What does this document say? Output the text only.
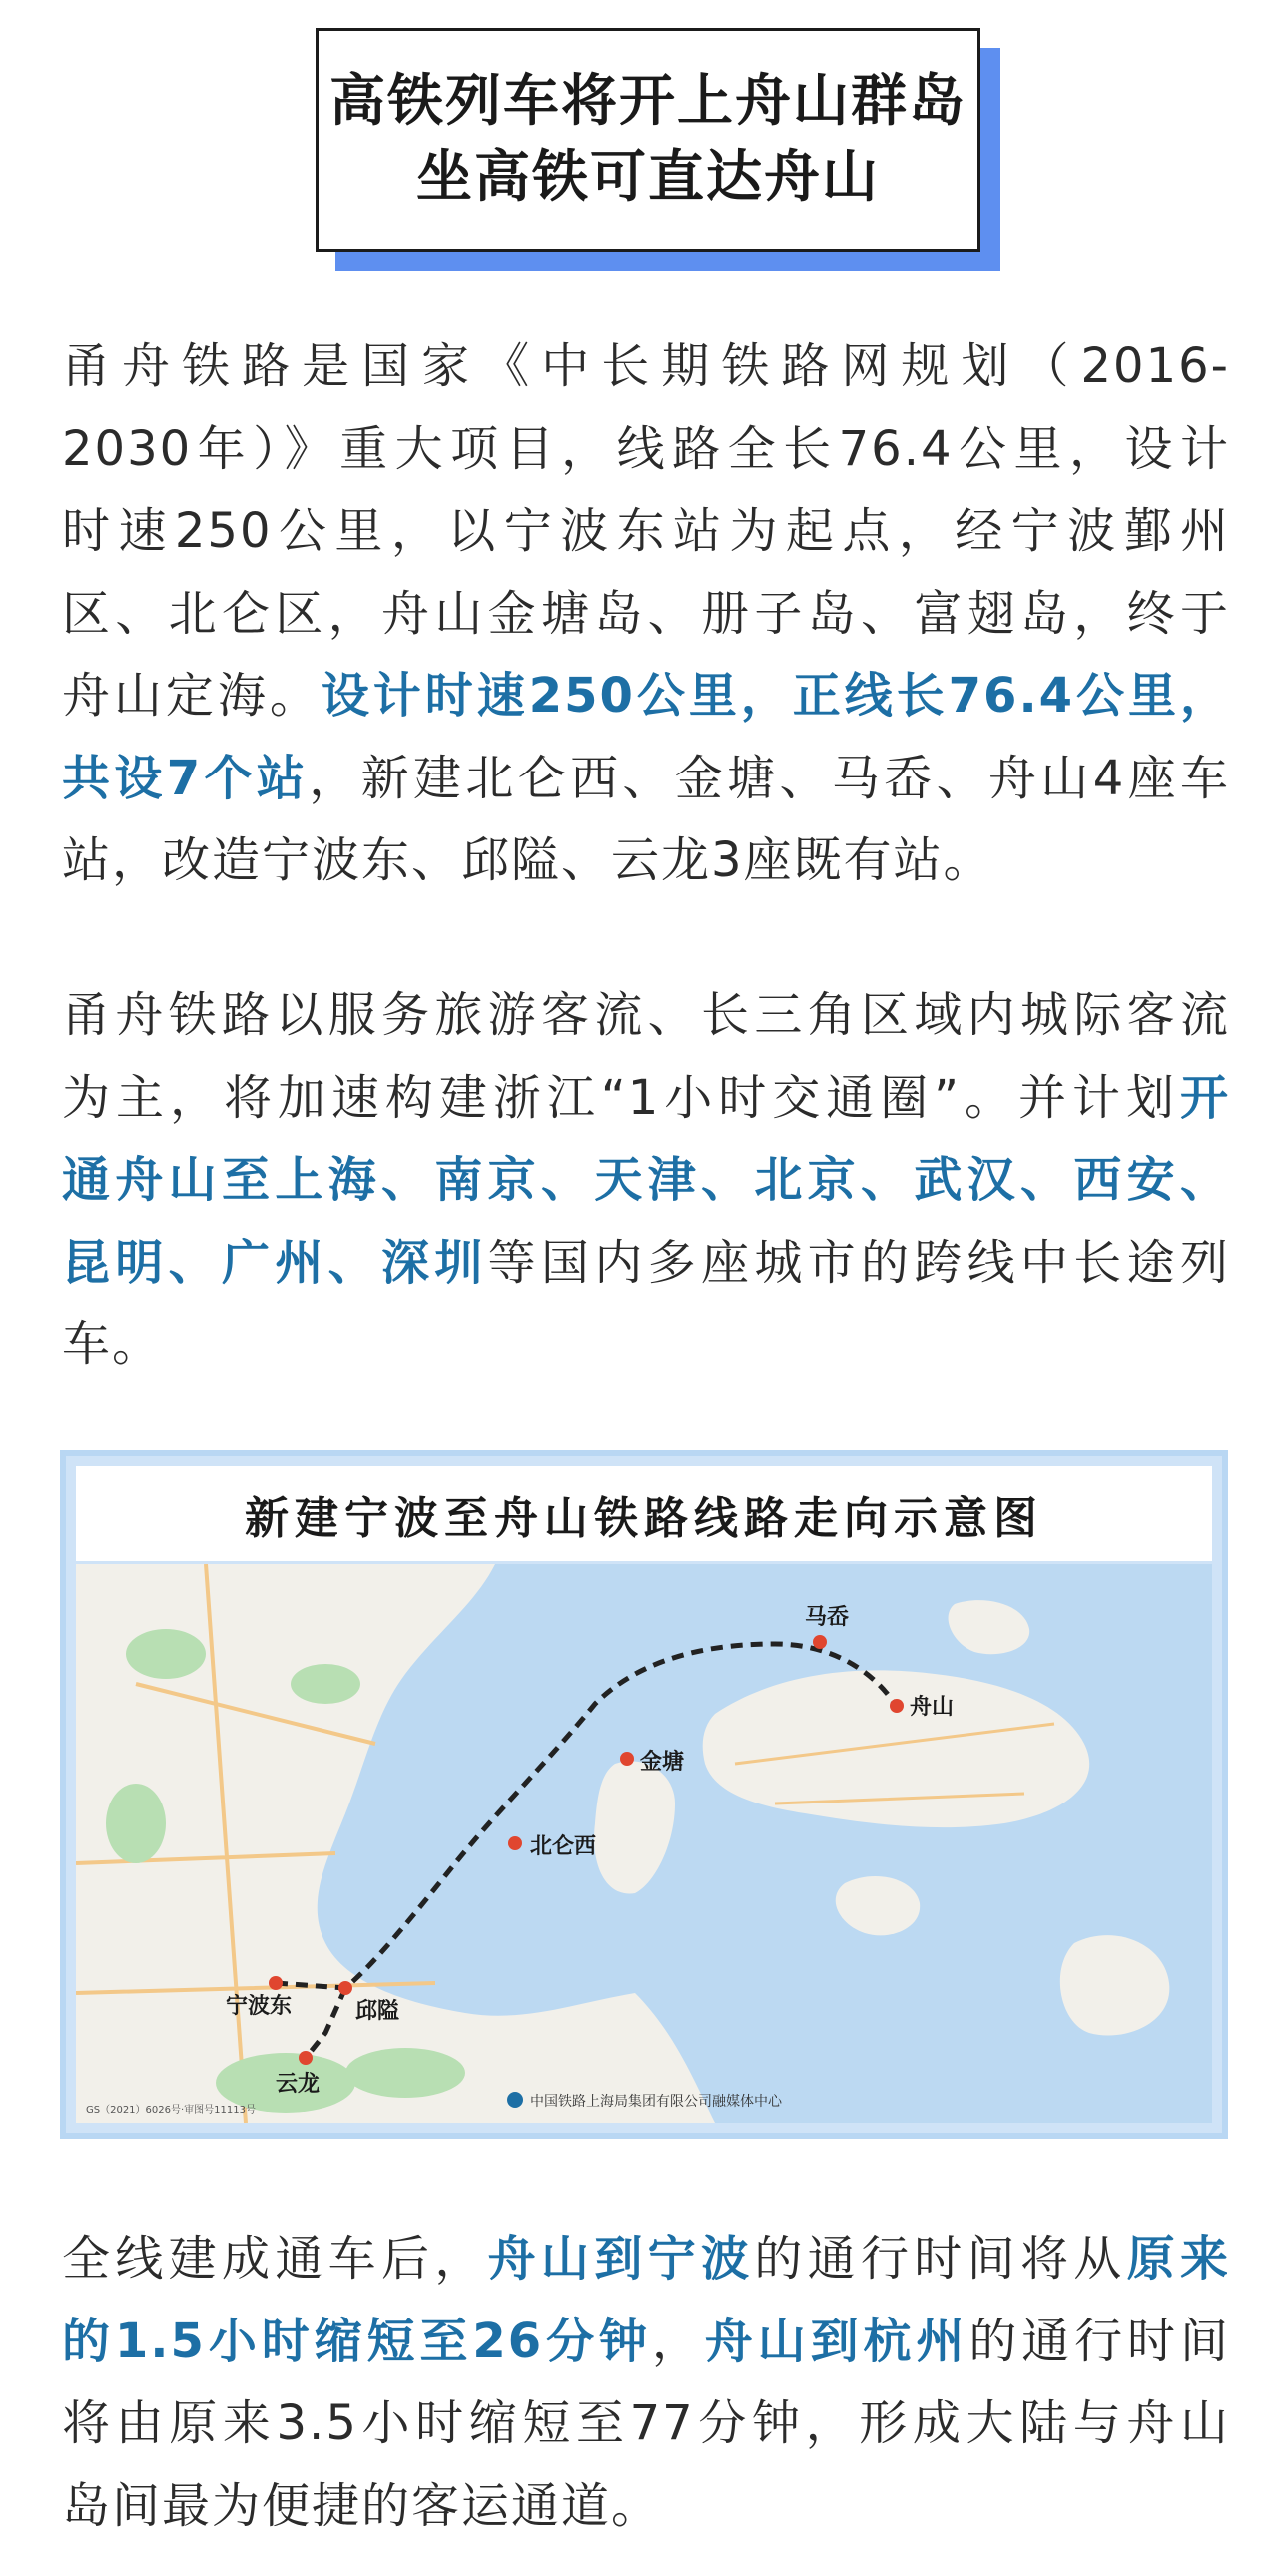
高铁列车将开上舟山群岛
坐高铁可直达舟山
甬舟铁路是国家《中长期铁路网规划（2016-
2030年）》重大项目，线路全长76.4公里，设计
时速250公里，以宁波东站为起点，经宁波鄞州
区、北仑区，舟山金塘岛、册子岛、富翅岛，终于
舟山定海。设计时速250公里，正线长76.4公里，
共设7个站，新建北仑西、金塘、马岙、舟山4座车
站，改造宁波东、邱隘、云龙3座既有站。
甬舟铁路以服务旅游客流、长三角区域内城际客流
为主，将加速构建浙江“1小时交通圈”。并计划开
通舟山至上海、南京、天津、北京、武汉、西安、
昆明、广州、深圳等国内多座城市的跨线中长途列
车。
新建宁波至舟山铁路线路走向示意图
马岙
舟山
金塘
北仑西
宁波东	邱隘
云龙
中国铁路上海局集团有限公司融媒体中心
GS（2021）6026号·审图号11113号
全线建成通车后，舟山到宁波的通行时间将从原来
的1.5小时缩短至26分钟，舟山到杭州的通行时间
将由原来3.5小时缩短至77分钟，形成大陆与舟山
岛间最为便捷的客运通道。
